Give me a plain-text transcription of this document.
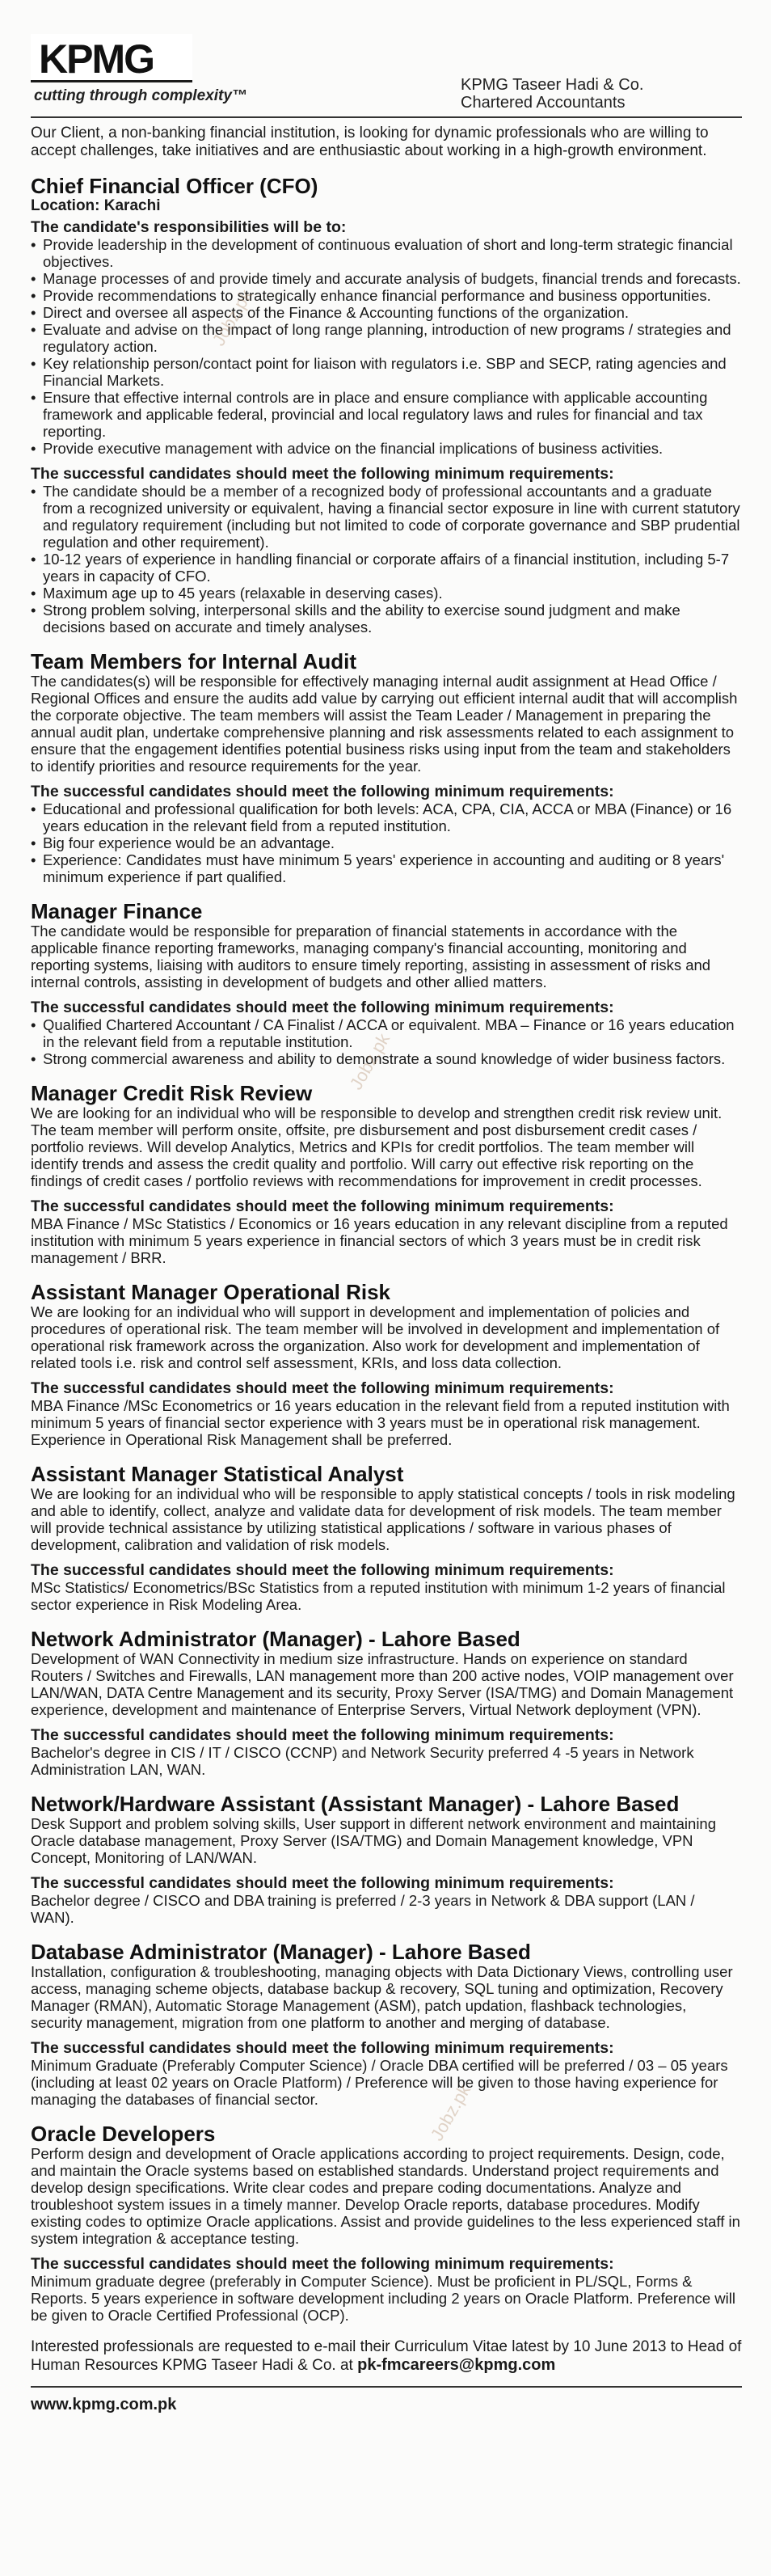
KPMG
cutting through complexity™
KPMG Taseer Hadi & Co.
Chartered Accountants

Our Client, a non-banking financial institution, is looking for dynamic professionals who are willing to accept challenges, take initiatives and are enthusiastic about working in a high-growth environment.

Chief Financial Officer (CFO)
Location: Karachi
The candidate's responsibilities will be to:
• Provide leadership in the development of continuous evaluation of short and long-term strategic financial objectives.
• Manage processes of and provide timely and accurate analysis of budgets, financial trends and forecasts.
• Provide recommendations to strategically enhance financial performance and business opportunities.
• Direct and oversee all aspects of the Finance & Accounting functions of the organization.
• Evaluate and advise on the impact of long range planning, introduction of new programs / strategies and regulatory action.
• Key relationship person/contact point for liaison with regulators i.e. SBP and SECP, rating agencies and Financial Markets.
• Ensure that effective internal controls are in place and ensure compliance with applicable accounting framework and applicable federal, provincial and local regulatory laws and rules for financial and tax reporting.
• Provide executive management with advice on the financial implications of business activities.
The successful candidates should meet the following minimum requirements:
• The candidate should be a member of a recognized body of professional accountants and a graduate from a recognized university or equivalent, having a financial sector exposure in line with current statutory and regulatory requirement (including but not limited to code of corporate governance and SBP prudential regulation and other requirement).
• 10-12 years of experience in handling financial or corporate affairs of a financial institution, including 5-7 years in capacity of CFO.
• Maximum age up to 45 years (relaxable in deserving cases).
• Strong problem solving, interpersonal skills and the ability to exercise sound judgment and make decisions based on accurate and timely analyses.
Team Members for Internal Audit

The candidates(s) will be responsible for effectively managing internal audit assignment at Head Office / Regional Offices and ensure the audits add value by carrying out efficient internal audit that will accomplish the corporate objective. The team members will assist the Team Leader / Management in preparing the annual audit plan, undertake comprehensive planning and risk assessments related to each assignment to ensure that the engagement identifies potential business risks using input from the team and stakeholders to identify priorities and resource requirements for the year.

The successful candidates should meet the following minimum requirements:
• Educational and professional qualification for both levels: ACA, CPA, CIA, ACCA or MBA (Finance) or 16 years education in the relevant field from a reputed institution.
• Big four experience would be an advantage.
• Experience: Candidates must have minimum 5 years' experience in accounting and auditing or 8 years' minimum experience if part qualified.
Manager Finance

The candidate would be responsible for preparation of financial statements in accordance with the applicable finance reporting frameworks, managing company's financial accounting, monitoring and reporting systems, liaising with auditors to ensure timely reporting, assisting in assessment of risks and internal controls, assisting in development of budgets and other allied matters.

The successful candidates should meet the following minimum requirements:
• Qualified Chartered Accountant / CA Finalist / ACCA or equivalent. MBA – Finance or 16 years education in the relevant field from a reputable institution.
• Strong commercial awareness and ability to demonstrate a sound knowledge of wider business factors.
Manager Credit Risk Review

We are looking for an individual who will be responsible to develop and strengthen credit risk review unit. The team member will perform onsite, offsite, pre disbursement and post disbursement credit cases / portfolio reviews. Will develop Analytics, Metrics and KPIs for credit portfolios. The team member will identify trends and assess the credit quality and portfolio. Will carry out effective risk reporting on the findings of credit cases / portfolio reviews with recommendations for improvement in credit processes.

The successful candidates should meet the following minimum requirements:

MBA Finance / MSc Statistics / Economics or 16 years education in any relevant discipline from a reputed institution with minimum 5 years experience in financial sectors of which 3 years must be in credit risk management / BRR.

Assistant Manager Operational Risk

We are looking for an individual who will support in development and implementation of policies and procedures of operational risk. The team member will be involved in development and implementation of operational risk framework across the organization. Also work for development and implementation of related tools i.e. risk and control self assessment, KRIs, and loss data collection.

The successful candidates should meet the following minimum requirements:

MBA Finance /MSc Econometrics or 16 years education in the relevant field from a reputed institution with minimum 5 years of financial sector experience with 3 years must be in operational risk management. Experience in Operational Risk Management shall be preferred.

Assistant Manager Statistical Analyst

We are looking for an individual who will be responsible to apply statistical concepts / tools in risk modeling and able to identify, collect, analyze and validate data for development of risk models. The team member will provide technical assistance by utilizing statistical applications / software in various phases of development, calibration and validation of risk models.

The successful candidates should meet the following minimum requirements:

MSc Statistics/ Econometrics/BSc Statistics from a reputed institution with minimum 1-2 years of financial sector experience in Risk Modeling Area.

Network Administrator (Manager) - Lahore Based

Development of WAN Connectivity in medium size infrastructure. Hands on experience on standard Routers / Switches and Firewalls, LAN management more than 200 active nodes, VOIP management over LAN/WAN, DATA Centre Management and its security, Proxy Server (ISA/TMG) and Domain Management experience, development and maintenance of Enterprise Servers, Virtual Network deployment (VPN).

The successful candidates should meet the following minimum requirements:

Bachelor's degree in CIS / IT / CISCO (CCNP) and Network Security preferred 4 -5 years in Network Administration LAN, WAN.

Network/Hardware Assistant (Assistant Manager) - Lahore Based

Desk Support and problem solving skills, User support in different network environment and maintaining Oracle database management, Proxy Server (ISA/TMG) and Domain Management knowledge, VPN Concept, Monitoring of LAN/WAN.

The successful candidates should meet the following minimum requirements:

Bachelor degree / CISCO and DBA training is preferred / 2-3 years in Network & DBA support (LAN / WAN).

Database Administrator (Manager) - Lahore Based

Installation, configuration & troubleshooting, managing objects with Data Dictionary Views, controlling user access, managing scheme objects, database backup & recovery, SQL tuning and optimization, Recovery Manager (RMAN), Automatic Storage Management (ASM), patch updation, flashback technologies, security management, migration from one platform to another and merging of database.

The successful candidates should meet the following minimum requirements:

Minimum Graduate (Preferably Computer Science) / Oracle DBA certified will be preferred / 03 – 05 years (including at least 02 years on Oracle Platform) / Preference will be given to those having experience for managing the databases of financial sector.

Oracle Developers

Perform design and development of Oracle applications according to project requirements. Design, code, and maintain the Oracle systems based on established standards. Understand project requirements and develop design specifications. Write clear codes and prepare coding documentations. Analyze and troubleshoot system issues in a timely manner. Develop Oracle reports, database procedures. Modify existing codes to optimize Oracle applications. Assist and provide guidelines to the less experienced staff in system integration & acceptance testing.

The successful candidates should meet the following minimum requirements:

Minimum graduate degree (preferably in Computer Science). Must be proficient in PL/SQL, Forms & Reports. 5 years experience in software development including 2 years on Oracle Platform. Preference will be given to Oracle Certified Professional (OCP).

Interested professionals are requested to e-mail their Curriculum Vitae latest by 10 June 2013 to Head of Human Resources KPMG Taseer Hadi & Co. at pk-fmcareers@kpmg.com

www.kpmg.com.pk
Jobz.pk
Jobz.pk
Jobz.pk
